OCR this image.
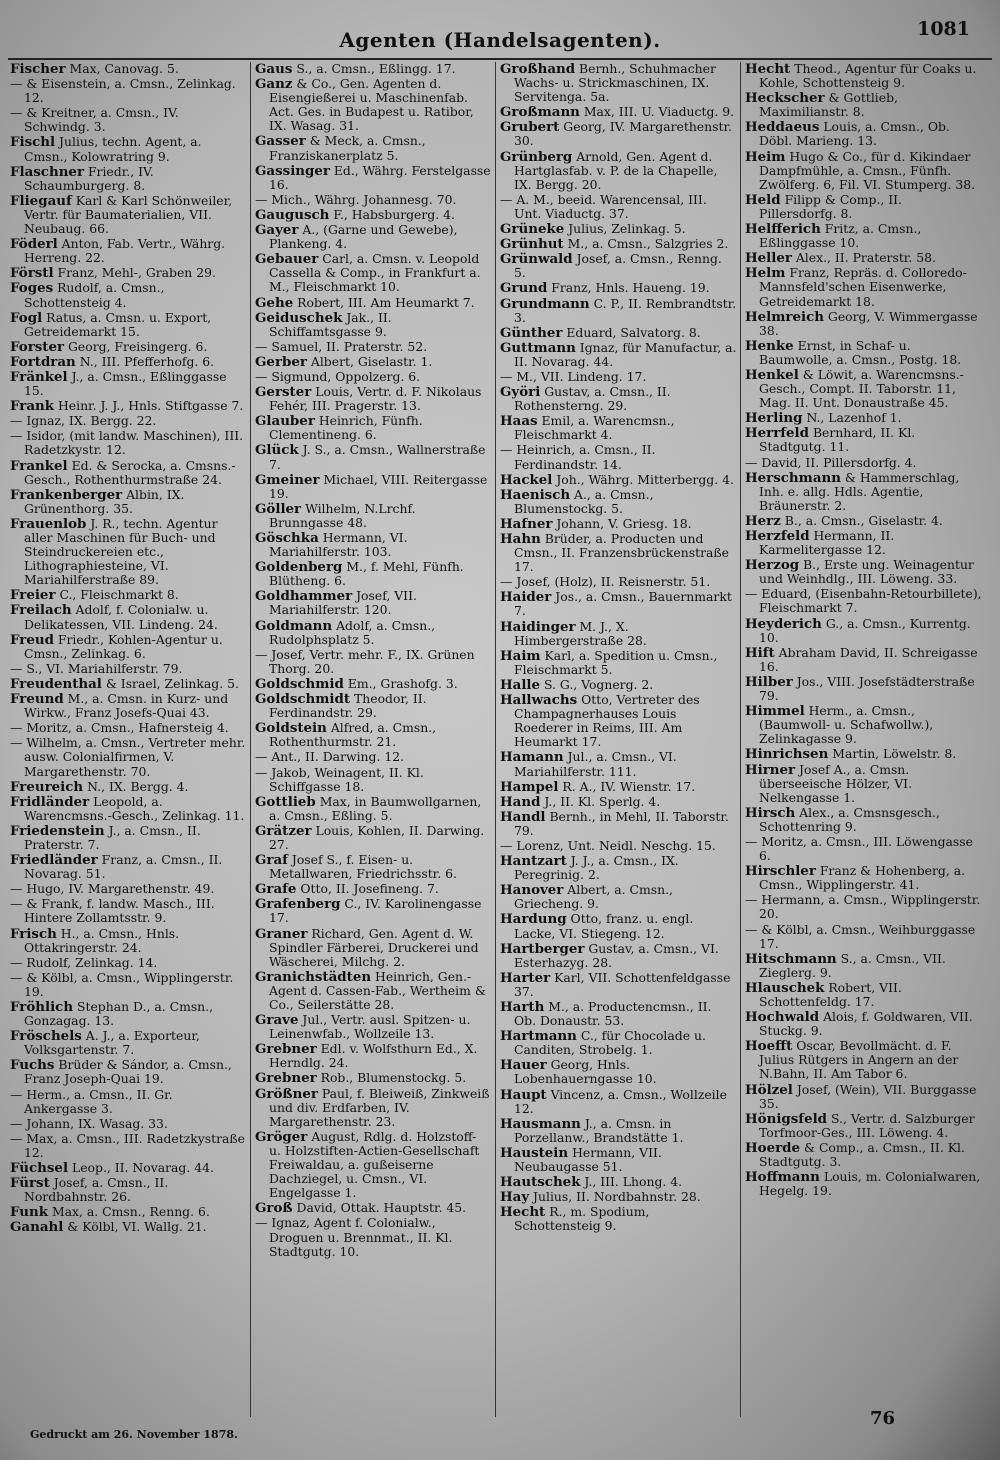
Agenten (Handelsagenten).	1081
Fischer Max, Canovag. 5.
— & Eisenstein, a. Cmsn., Zelinkag. 12.
— & Kreitner, a. Cmsn., IV. Schwindg. 3.
Fischl Julius, techn. Agent, a. Cmsn., Kolowratring 9.
Flaschner Friedr., IV. Schaumburgerg. 8.
Fliegauf Karl & Karl Schönweiler, Vertr. für Baumaterialien, VII. Neubaug. 66.
Föderl Anton, Fab. Vertr., Währg. Herreng. 22.
Förstl Franz, Mehl-, Graben 29.
Foges Rudolf, a. Cmsn., Schottensteig 4.
Fogl Ratus, a. Cmsn. u. Export, Getreidemarkt 15.
Forster Georg, Freisingerg. 6.
Fortdran N., III. Pfefferhofg. 6.
Fränkel J., a. Cmsn., Eßlinggasse 15.
Frank Heinr. J. J., Hnls. Stiftgasse 7.
— Ignaz, IX. Bergg. 22.
— Isidor, (mit landw. Maschinen), III. Radetzkystr. 12.
Frankel Ed. & Serocka, a. Cmsns.-Gesch., Rothenthurmstraße 24.
Frankenberger Albin, IX. Grünenthorg. 35.
Frauenlob J. R., techn. Agentur aller Maschinen für Buch- und Steindruckereien etc., Lithographiesteine, VI. Mariahilferstraße 89.
Freier C., Fleischmarkt 8.
Freilach Adolf, f. Colonialw. u. Delikatessen, VII. Lindeng. 24.
Freud Friedr., Kohlen-Agentur u. Cmsn., Zelinkag. 6.
— S., VI. Mariahilferstr. 79.
Freudenthal & Israel, Zelinkag. 5.
Freund M., a. Cmsn. in Kurz- und Wirkw., Franz Josefs-Quai 43.
— Moritz, a. Cmsn., Hafnersteig 4.
— Wilhelm, a. Cmsn., Vertreter mehr. ausw. Colonialfirmen, V. Margarethenstr. 70.
Freureich N., IX. Bergg. 4.
Fridländer Leopold, a. Warencmsns.-Gesch., Zelinkag. 11.
Friedenstein J., a. Cmsn., II. Praterstr. 7.
Friedländer Franz, a. Cmsn., II. Novarag. 51.
— Hugo, IV. Margarethenstr. 49.
— & Frank, f. landw. Masch., III. Hintere Zollamtsstr. 9.
Frisch H., a. Cmsn., Hnls. Ottakringerstr. 24.
— Rudolf, Zelinkag. 14.
— & Kölbl, a. Cmsn., Wipplingerstr. 19.
Fröhlich Stephan D., a. Cmsn., Gonzagag. 13.
Fröschels A. J., a. Exporteur, Volksgartenstr. 7.
Fuchs Brüder & Sándor, a. Cmsn., Franz Joseph-Quai 19.
— Herm., a. Cmsn., II. Gr. Ankergasse 3.
— Johann, IX. Wasag. 33.
— Max, a. Cmsn., III. Radetzkystraße 12.
Füchsel Leop., II. Novarag. 44.
Fürst Josef, a. Cmsn., II. Nordbahnstr. 26.
Funk Max, a. Cmsn., Renng. 6.
Ganahl & Kölbl, VI. Wallg. 21.
Gaus S., a. Cmsn., Eßlingg. 17.
Ganz & Co., Gen. Agenten d. Eisengießerei u. Maschinenfab. Act. Ges. in Budapest u. Ratibor, IX. Wasag. 31.
Gasser & Meck, a. Cmsn., Franziskanerplatz 5.
Gassinger Ed., Währg. Ferstelgasse 16.
— Mich., Währg. Johannesg. 70.
Gaugusch F., Habsburgerg. 4.
Gayer A., (Garne und Gewebe), Plankeng. 4.
Gebauer Carl, a. Cmsn. v. Leopold Cassella & Comp., in Frankfurt a. M., Fleischmarkt 10.
Gehe Robert, III. Am Heumarkt 7.
Geiduschek Jak., II. Schiffamtsgasse 9.
— Samuel, II. Praterstr. 52.
Gerber Albert, Giselastr. 1.
— Sigmund, Oppolzerg. 6.
Gerster Louis, Vertr. d. F. Nikolaus Fehér, III. Pragerstr. 13.
Glauber Heinrich, Fünfh. Clementineng. 6.
Glück J. S., a. Cmsn., Wallnerstraße 7.
Gmeiner Michael, VIII. Reitergasse 19.
Göller Wilhelm, N.Lrchf. Brunngasse 48.
Göschka Hermann, VI. Mariahilferstr. 103.
Goldenberg M., f. Mehl, Fünfh. Blütheng. 6.
Goldhammer Josef, VII. Mariahilferstr. 120.
Goldmann Adolf, a. Cmsn., Rudolphsplatz 5.
— Josef, Vertr. mehr. F., IX. Grünen Thorg. 20.
Goldschmid Em., Grashofg. 3.
Goldschmidt Theodor, II. Ferdinandstr. 29.
Goldstein Alfred, a. Cmsn., Rothenthurmstr. 21.
— Ant., II. Darwing. 12.
— Jakob, Weinagent, II. Kl. Schiffgasse 18.
Gottlieb Max, in Baumwollgarnen, a. Cmsn., Eßling. 5.
Grätzer Louis, Kohlen, II. Darwing. 27.
Graf Josef S., f. Eisen- u. Metallwaren, Friedrichsstr. 6.
Grafe Otto, II. Josefineng. 7.
Grafenberg C., IV. Karolinengasse 17.
Graner Richard, Gen. Agent d. W. Spindler Färberei, Druckerei und Wäscherei, Milchg. 2.
Granichstädten Heinrich, Gen.-Agent d. Cassen-Fab., Wertheim & Co., Seilerstätte 28.
Grave Jul., Vertr. ausl. Spitzen- u. Leinenwfab., Wollzeile 13.
Grebner Edl. v. Wolfsthurn Ed., X. Herndlg. 24.
Grebner Rob., Blumenstockg. 5.
Größner Paul, f. Bleiweiß, Zinkweiß und div. Erdfarben, IV. Margarethenstr. 23.
Gröger August, Rdlg. d. Holzstoff- u. Holzstiften-Actien-Gesellschaft Freiwaldau, a. gußeiserne Dachziegel, u. Cmsn., VI. Engelgasse 1.
Groß David, Ottak. Hauptstr. 45.
— Ignaz, Agent f. Colonialw., Droguen u. Brennmat., II. Kl. Stadtgutg. 10.
Großhand Bernh., Schuhmacher Wachs- u. Strickmaschinen, IX. Servitenga. 5a.
Großmann Max, III. U. Viaductg. 9.
Grubert Georg, IV. Margarethenstr. 30.
Grünberg Arnold, Gen. Agent d. Hartglasfab. v. P. de la Chapelle, IX. Bergg. 20.
— A. M., beeid. Warencensal, III. Unt. Viaductg. 37.
Grüneke Julius, Zelinkag. 5.
Grünhut M., a. Cmsn., Salzgries 2.
Grünwald Josef, a. Cmsn., Renng. 5.
Grund Franz, Hnls. Haueng. 19.
Grundmann C. P., II. Rembrandtstr. 3.
Günther Eduard, Salvatorg. 8.
Guttmann Ignaz, für Manufactur, a. II. Novarag. 44.
— M., VII. Lindeng. 17.
Györi Gustav, a. Cmsn., II. Rothensterng. 29.
Haas Emil, a. Warencmsn., Fleischmarkt 4.
— Heinrich, a. Cmsn., II. Ferdinandstr. 14.
Hackel Joh., Währg. Mitterbergg. 4.
Haenisch A., a. Cmsn., Blumenstockg. 5.
Hafner Johann, V. Griesg. 18.
Hahn Brüder, a. Producten und Cmsn., II. Franzensbrückenstraße 17.
— Josef, (Holz), II. Reisnerstr. 51.
Haider Jos., a. Cmsn., Bauernmarkt 7.
Haidinger M. J., X. Himbergerstraße 28.
Haim Karl, a. Spedition u. Cmsn., Fleischmarkt 5.
Halle S. G., Vognerg. 2.
Hallwachs Otto, Vertreter des Champagnerhauses Louis Roederer in Reims, III. Am Heumarkt 17.
Hamann Jul., a. Cmsn., VI. Mariahilferstr. 111.
Hampel R. A., IV. Wienstr. 17.
Hand J., II. Kl. Sperlg. 4.
Handl Bernh., in Mehl, II. Taborstr. 79.
— Lorenz, Unt. Neidl. Neschg. 15.
Hantzart J. J., a. Cmsn., IX. Peregrinig. 2.
Hanover Albert, a. Cmsn., Griecheng. 9.
Hardung Otto, franz. u. engl. Lacke, VI. Stiegeng. 12.
Hartberger Gustav, a. Cmsn., VI. Esterhazyg. 28.
Harter Karl, VII. Schottenfeldgasse 37.
Harth M., a. Productencmsn., II. Ob. Donaustr. 53.
Hartmann C., für Chocolade u. Canditen, Strobelg. 1.
Hauer Georg, Hnls. Lobenhauerngasse 10.
Haupt Vincenz, a. Cmsn., Wollzeile 12.
Hausmann J., a. Cmsn. in Porzellanw., Brandstätte 1.
Haustein Hermann, VII. Neubaugasse 51.
Hautschek J., III. Lhong. 4.
Hay Julius, II. Nordbahnstr. 28.
Hecht R., m. Spodium, Schottensteig 9.
Hecht Theod., Agentur für Coaks u. Kohle, Schottensteig 9.
Heckscher & Gottlieb, Maximilianstr. 8.
Heddaeus Louis, a. Cmsn., Ob. Döbl. Marieng. 13.
Heim Hugo & Co., für d. Kikindaer Dampfmühle, a. Cmsn., Fünfh. Zwölferg. 6, Fil. VI. Stumperg. 38.
Held Filipp & Comp., II. Pillersdorfg. 8.
Helfferich Fritz, a. Cmsn., Eßlinggasse 10.
Heller Alex., II. Praterstr. 58.
Helm Franz, Repräs. d. Colloredo-Mannsfeld'schen Eisenwerke, Getreidemarkt 18.
Helmreich Georg, V. Wimmergasse 38.
Henke Ernst, in Schaf- u. Baumwolle, a. Cmsn., Postg. 18.
Henkel & Löwit, a. Warencmsns.-Gesch., Compt. II. Taborstr. 11, Mag. II. Unt. Donaustraße 45.
Herling N., Lazenhof 1.
Herrfeld Bernhard, II. Kl. Stadtgutg. 11.
— David, II. Pillersdorfg. 4.
Herschmann & Hammerschlag, Inh. e. allg. Hdls. Agentie, Bräunerstr. 2.
Herz B., a. Cmsn., Giselastr. 4.
Herzfeld Hermann, II. Karmelitergasse 12.
Herzog B., Erste ung. Weinagentur und Weinhdlg., III. Löweng. 33.
— Eduard, (Eisenbahn-Retourbillete), Fleischmarkt 7.
Heyderich G., a. Cmsn., Kurrentg. 10.
Hift Abraham David, II. Schreigasse 16.
Hilber Jos., VIII. Josefstädterstraße 79.
Himmel Herm., a. Cmsn., (Baumwoll- u. Schafwollw.), Zelinkagasse 9.
Hinrichsen Martin, Löwelstr. 8.
Hirner Josef A., a. Cmsn. überseeische Hölzer, VI. Nelkengasse 1.
Hirsch Alex., a. Cmsnsgesch., Schottenring 9.
— Moritz, a. Cmsn., III. Löwengasse 6.
Hirschler Franz & Hohenberg, a. Cmsn., Wipplingerstr. 41.
— Hermann, a. Cmsn., Wipplingerstr. 20.
— & Kölbl, a. Cmsn., Weihburggasse 17.
Hitschmann S., a. Cmsn., VII. Zieglerg. 9.
Hlauschek Robert, VII. Schottenfeldg. 17.
Hochwald Alois, f. Goldwaren, VII. Stuckg. 9.
Hoefft Oscar, Bevollmächt. d. F. Julius Rütgers in Angern an der N.Bahn, II. Am Tabor 6.
Hölzel Josef, (Wein), VII. Burggasse 35.
Hönigsfeld S., Vertr. d. Salzburger Torfmoor-Ges., III. Löweng. 4.
Hoerde & Comp., a. Cmsn., II. Kl. Stadtgutg. 3.
Hoffmann Louis, m. Colonialwaren, Hegelg. 19.
76
Gedruckt am 26. November 1878.
